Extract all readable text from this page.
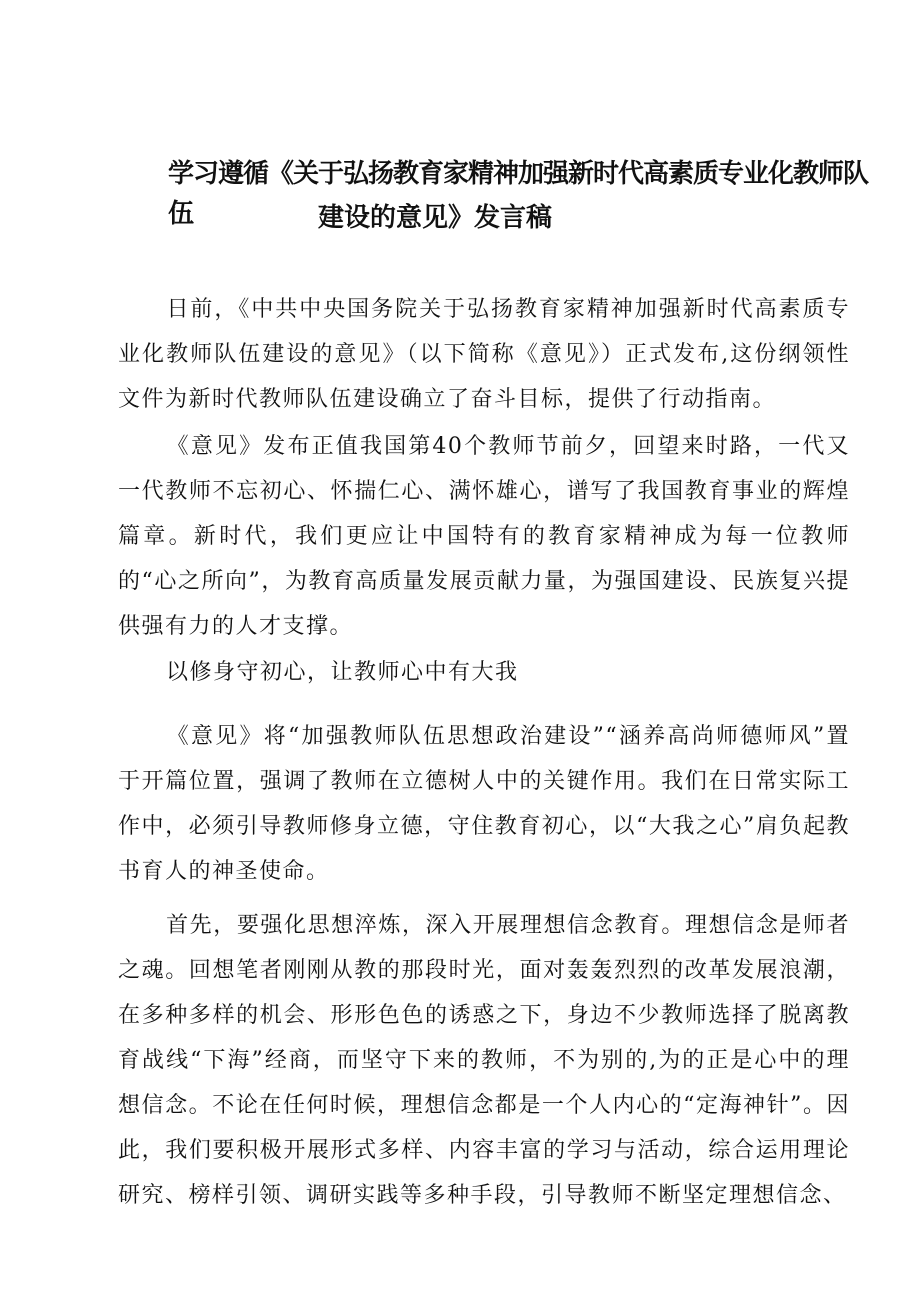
学习遵循《关于弘扬教育家精神加强新时代高素质专业化教师队伍	建设的意见》发言稿

日前，《中共中央国务院关于弘扬教育家精神加强新时代高素质专业化教师队伍建设的意见》（以下简称《意见》）正式发布,这份纲领性文件为新时代教师队伍建设确立了奋斗目标，提供了行动指南。

《意见》发布正值我国第40个教师节前夕，回望来时路，一代又一代教师不忘初心、怀揣仁心、满怀雄心，谱写了我国教育事业的辉煌篇章。新时代，我们更应让中国特有的教育家精神成为每一位教师的“心之所向”，为教育高质量发展贡献力量，为强国建设、民族复兴提供强有力的人才支撑。

以修身守初心，让教师心中有大我

《意见》将“加强教师队伍思想政治建设”“涵养高尚师德师风”置于开篇位置，强调了教师在立德树人中的关键作用。我们在日常实际工作中，必须引导教师修身立德，守住教育初心，以“大我之心”肩负起教书育人的神圣使命。

首先，要强化思想淬炼，深入开展理想信念教育。理想信念是师者之魂。回想笔者刚刚从教的那段时光，面对轰轰烈烈的改革发展浪潮，在多种多样的机会、形形色色的诱惑之下，身边不少教师选择了脱离教育战线“下海”经商，而坚守下来的教师，不为别的,为的正是心中的理想信念。不论在任何时候，理想信念都是一个人内心的“定海神针”。因此，我们要积极开展形式多样、内容丰富的学习与活动，综合运用理论研究、榜样引领、调研实践等多种手段，引导教师不断坚定理想信念、
